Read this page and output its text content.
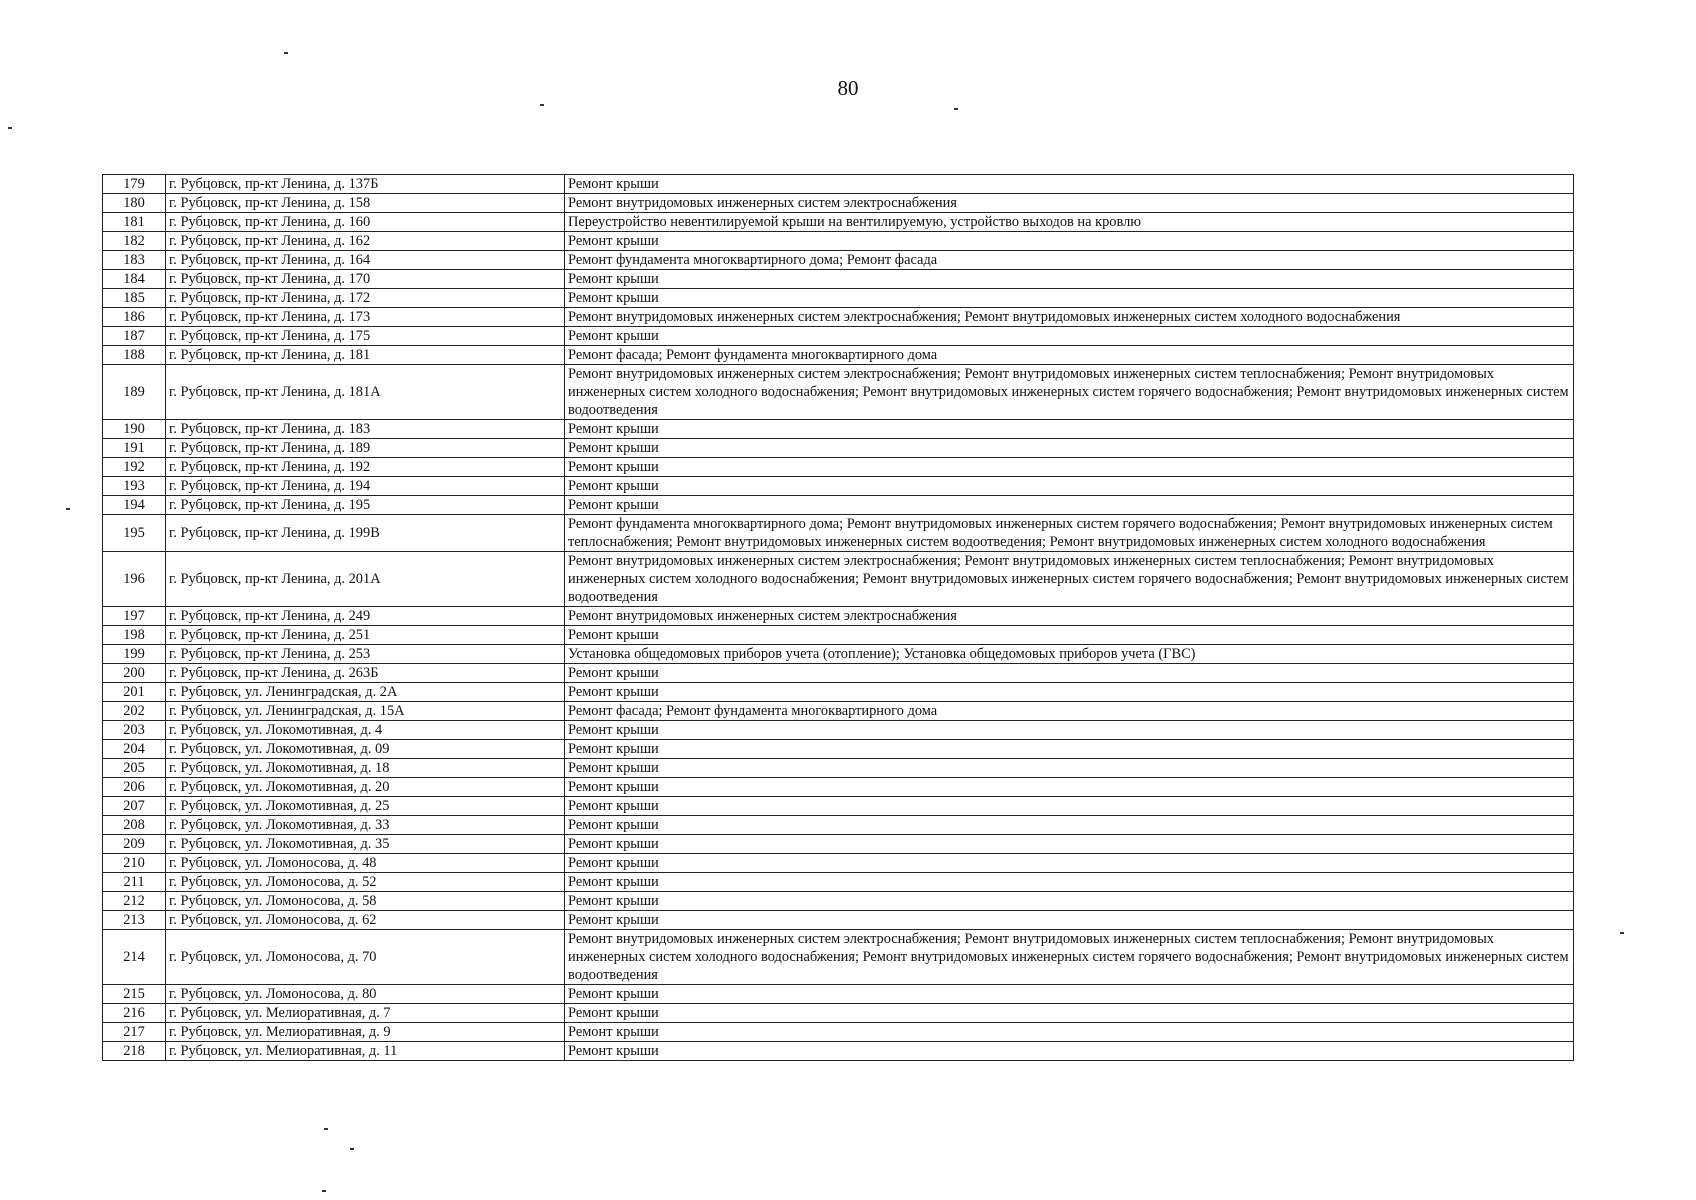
80
179	г. Рубцовск, пр-кт Ленина, д. 137Б	Ремонт крыши
180	г. Рубцовск, пр-кт Ленина, д. 158	Ремонт внутридомовых инженерных систем электроснабжения
181	г. Рубцовск, пр-кт Ленина, д. 160	Переустройство невентилируемой крыши на вентилируемую, устройство выходов на кровлю
182	г. Рубцовск, пр-кт Ленина, д. 162	Ремонт крыши
183	г. Рубцовск, пр-кт Ленина, д. 164	Ремонт фундамента многоквартирного дома; Ремонт фасада
184	г. Рубцовск, пр-кт Ленина, д. 170	Ремонт крыши
185	г. Рубцовск, пр-кт Ленина, д. 172	Ремонт крыши
186	г. Рубцовск, пр-кт Ленина, д. 173	Ремонт внутридомовых инженерных систем электроснабжения; Ремонт внутридомовых инженерных систем холодного водоснабжения
187	г. Рубцовск, пр-кт Ленина, д. 175	Ремонт крыши
188	г. Рубцовск, пр-кт Ленина, д. 181	Ремонт фасада; Ремонт фундамента многоквартирного дома
189	г. Рубцовск, пр-кт Ленина, д. 181А	Ремонт внутридомовых инженерных систем электроснабжения; Ремонт внутридомовых инженерных систем теплоснабжения; Ремонт внутридомовых инженерных систем холодного водоснабжения; Ремонт внутридомовых инженерных систем горячего водоснабжения; Ремонт внутридомовых инженерных систем водоотведения
190	г. Рубцовск, пр-кт Ленина, д. 183	Ремонт крыши
191	г. Рубцовск, пр-кт Ленина, д. 189	Ремонт крыши
192	г. Рубцовск, пр-кт Ленина, д. 192	Ремонт крыши
193	г. Рубцовск, пр-кт Ленина, д. 194	Ремонт крыши
194	г. Рубцовск, пр-кт Ленина, д. 195	Ремонт крыши
195	г. Рубцовск, пр-кт Ленина, д. 199В	Ремонт фундамента многоквартирного дома; Ремонт внутридомовых инженерных систем горячего водоснабжения; Ремонт внутридомовых инженерных систем теплоснабжения; Ремонт внутридомовых инженерных систем водоотведения; Ремонт внутридомовых инженерных систем холодного водоснабжения
196	г. Рубцовск, пр-кт Ленина, д. 201А	Ремонт внутридомовых инженерных систем электроснабжения; Ремонт внутридомовых инженерных систем теплоснабжения; Ремонт внутридомовых инженерных систем холодного водоснабжения; Ремонт внутридомовых инженерных систем горячего водоснабжения; Ремонт внутридомовых инженерных систем водоотведения
197	г. Рубцовск, пр-кт Ленина, д. 249	Ремонт внутридомовых инженерных систем электроснабжения
198	г. Рубцовск, пр-кт Ленина, д. 251	Ремонт крыши
199	г. Рубцовск, пр-кт Ленина, д. 253	Установка общедомовых приборов учета (отопление); Установка общедомовых приборов учета (ГВС)
200	г. Рубцовск, пр-кт Ленина, д. 263Б	Ремонт крыши
201	г. Рубцовск, ул. Ленинградская, д. 2А	Ремонт крыши
202	г. Рубцовск, ул. Ленинградская, д. 15А	Ремонт фасада; Ремонт фундамента многоквартирного дома
203	г. Рубцовск, ул. Локомотивная, д. 4	Ремонт крыши
204	г. Рубцовск, ул. Локомотивная, д. 09	Ремонт крыши
205	г. Рубцовск, ул. Локомотивная, д. 18	Ремонт крыши
206	г. Рубцовск, ул. Локомотивная, д. 20	Ремонт крыши
207	г. Рубцовск, ул. Локомотивная, д. 25	Ремонт крыши
208	г. Рубцовск, ул. Локомотивная, д. 33	Ремонт крыши
209	г. Рубцовск, ул. Локомотивная, д. 35	Ремонт крыши
210	г. Рубцовск, ул. Ломоносова, д. 48	Ремонт крыши
211	г. Рубцовск, ул. Ломоносова, д. 52	Ремонт крыши
212	г. Рубцовск, ул. Ломоносова, д. 58	Ремонт крыши
213	г. Рубцовск, ул. Ломоносова, д. 62	Ремонт крыши
214	г. Рубцовск, ул. Ломоносова, д. 70	Ремонт внутридомовых инженерных систем электроснабжения; Ремонт внутридомовых инженерных систем теплоснабжения; Ремонт внутридомовых инженерных систем холодного водоснабжения; Ремонт внутридомовых инженерных систем горячего водоснабжения; Ремонт внутридомовых инженерных систем водоотведения
215	г. Рубцовск, ул. Ломоносова, д. 80	Ремонт крыши
216	г. Рубцовск, ул. Мелиоративная, д. 7	Ремонт крыши
217	г. Рубцовск, ул. Мелиоративная, д. 9	Ремонт крыши
218	г. Рубцовск, ул. Мелиоративная, д. 11	Ремонт крыши
